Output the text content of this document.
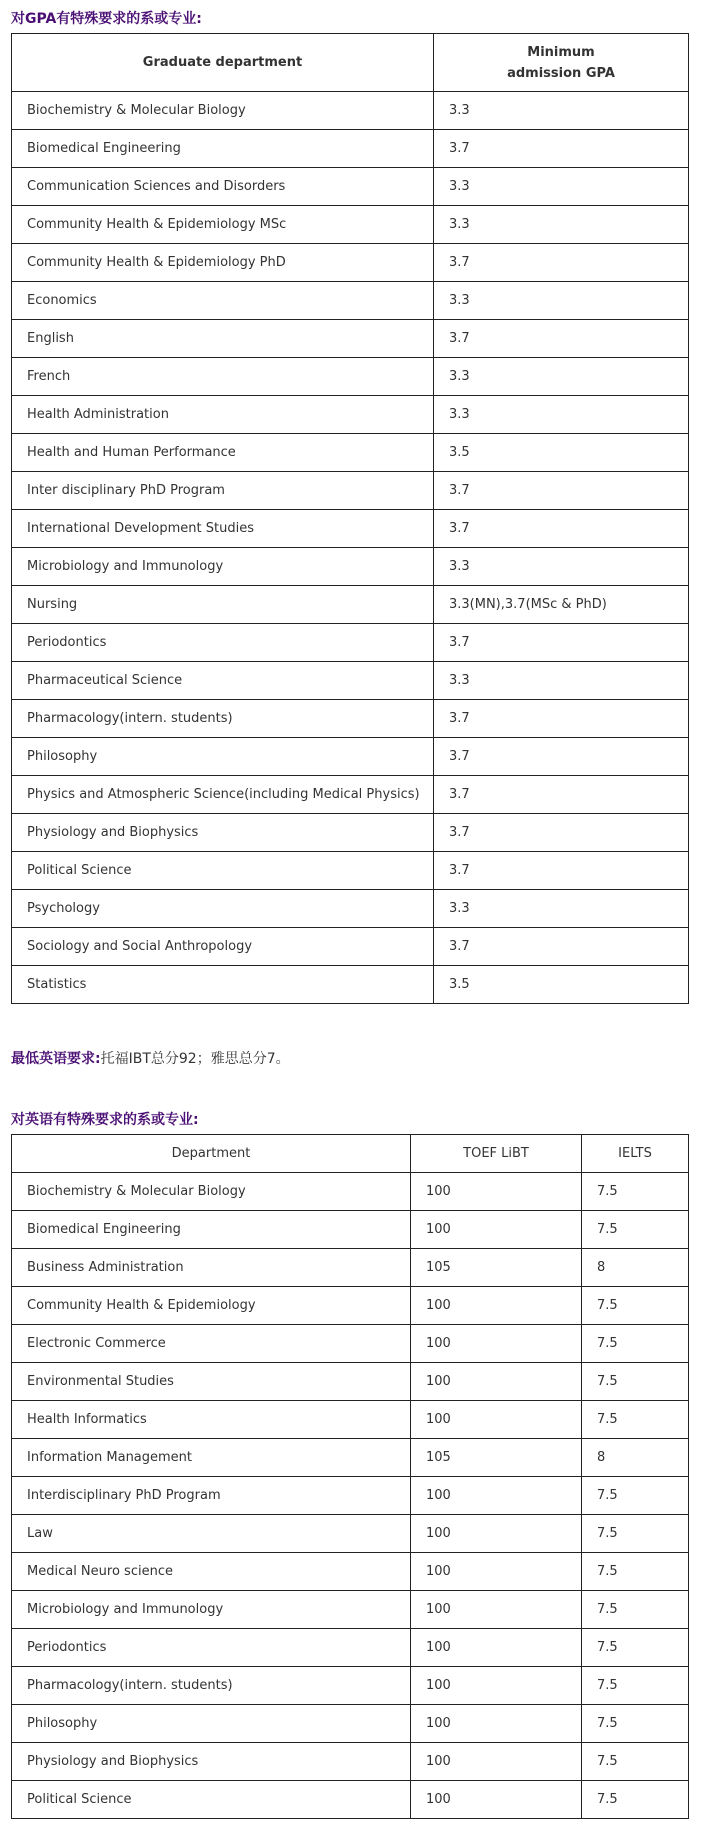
对GPA有特殊要求的系或专业:
Graduate department	Minimum
admission GPA
Biochemistry & Molecular Biology	3.3
Biomedical Engineering	3.7
Communication Sciences and Disorders	3.3
Community Health & Epidemiology MSc	3.3
Community Health & Epidemiology PhD	3.7
Economics	3.3
English	3.7
French	3.3
Health Administration	3.3
Health and Human Performance	3.5
Inter disciplinary PhD Program	3.7
International Development Studies	3.7
Microbiology and Immunology	3.3
Nursing	3.3(MN),3.7(MSc & PhD)
Periodontics	3.7
Pharmaceutical Science	3.3
Pharmacology(intern. students)	3.7
Philosophy	3.7
Physics and Atmospheric Science(including Medical Physics)	3.7
Physiology and Biophysics	3.7
Political Science	3.7
Psychology	3.3
Sociology and Social Anthropology	3.7
Statistics	3.5
最低英语要求:托福IBT总分92；雅思总分7。
对英语有特殊要求的系或专业:
Department	TOEF LiBT	IELTS
Biochemistry & Molecular Biology	100	7.5
Biomedical Engineering	100	7.5
Business Administration	105	8
Community Health & Epidemiology	100	7.5
Electronic Commerce	100	7.5
Environmental Studies	100	7.5
Health Informatics	100	7.5
Information Management	105	8
Interdisciplinary PhD Program	100	7.5
Law	100	7.5
Medical Neuro science	100	7.5
Microbiology and Immunology	100	7.5
Periodontics	100	7.5
Pharmacology(intern. students)	100	7.5
Philosophy	100	7.5
Physiology and Biophysics	100	7.5
Political Science	100	7.5
